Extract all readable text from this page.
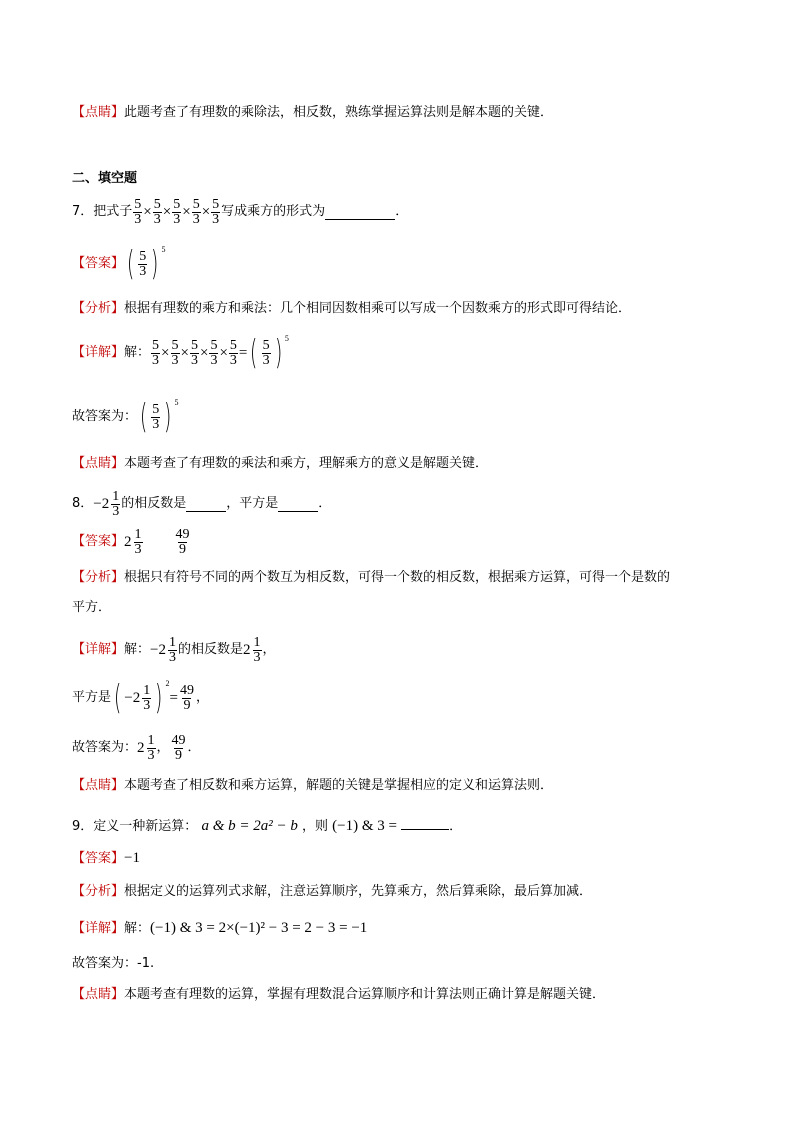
【点睛】此题考查了有理数的乘除法，相反数，熟练掌握运算法则是解本题的关键．
二、填空题
7． 把式子 $\frac{5}{3} \times \frac{5}{3} \times \frac{5}{3} \times \frac{5}{3} \times \frac{5}{3}$ 写成乘方的形式为	．
【答案】 ( $\frac{5}{3}$ ) 5
【分析】根据有理数的乘方和乘法：几个相同因数相乘可以写成一个因数乘方的形式即可得结论．
【详解】 解： $\frac{5}{3} \times \frac{5}{3} \times \frac{5}{3} \times \frac{5}{3} \times \frac{5}{3}$ = ( $\frac{5}{3}$ ) 5
故答案为： ( $\frac{5}{3}$ ) 5
【点睛】本题考查了有理数的乘法和乘方，理解乘方的意义是解题关键．
8． $-2 \frac{1}{3}$ 的相反数是	，平方是	．
【答案】 $2 \frac{1}{3} \frac{49}{9}$
【分析】根据只有符号不同的两个数互为相反数，可得一个数的相反数，根据乘方运算，可得一个是数的
平方．
【详解】 解： $-2 \frac{1}{3}$ 的相反数是 $2 \frac{1}{3}$ ，
平方是 ( $-2 \frac{1}{3}$ ) 2
= $\frac{49}{9}$ ，
故答案为： $2 \frac{1}{3}$ ， $\frac{49}{9}$ ．
【点睛】本题考查了相反数和乘方运算，解题的关键是掌握相应的定义和运算法则．
9．定义一种新运算： a & b = 2a² − b ，则 (−1) & 3 =	．
【答案】−1
【分析】根据定义的运算列式求解，注意运算顺序，先算乘方，然后算乘除，最后算加减．
【详解】解：(−1) & 3 = 2×(−1)² − 3 = 2 − 3 = −1
故答案为：-1.
【点睛】本题考查有理数的运算，掌握有理数混合运算顺序和计算法则正确计算是解题关键．
